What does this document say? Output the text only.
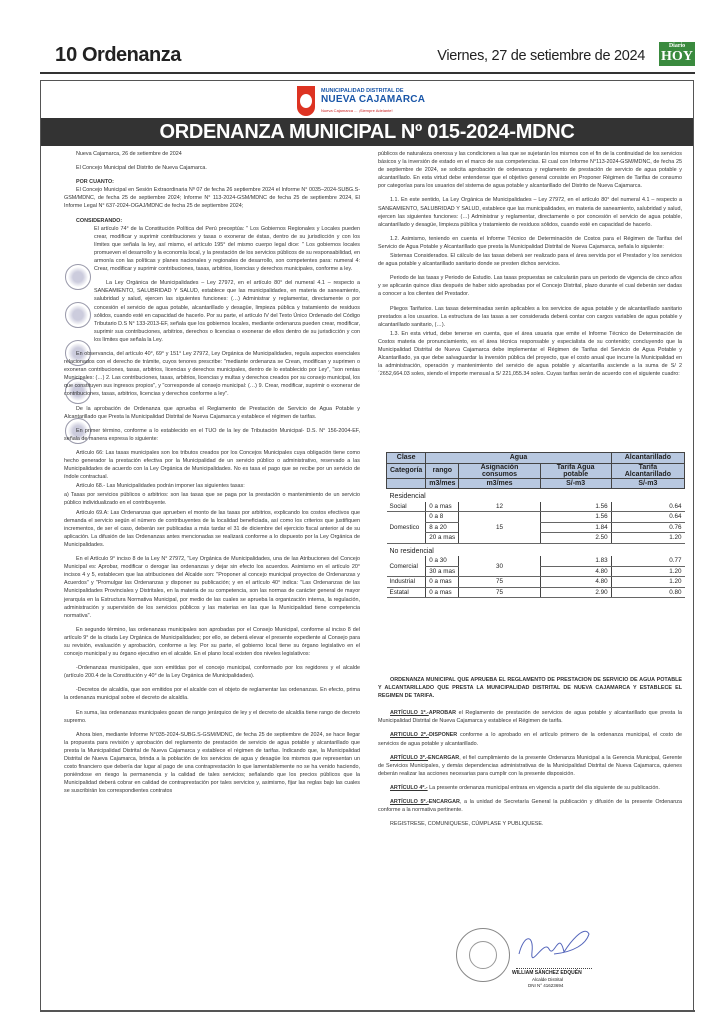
10 Ordenanza	Viernes, 27 de setiembre de 2024
Diario
HOY
MUNICIPALIDAD DISTRITAL DE
NUEVA CAJAMARCA
Nueva Cajamarca ... ¡Siempre Adelante!
ORDENANZA MUNICIPAL Nº 015-2024-MDNC

Nueva Cajamarca, 26 de setiembre de 2024

El Concejo Municipal del Distrito de Nueva Cajamarca.

POR CUANTO:

El Concejo Municipal en Sesión Extraordinaria Nº 07 de fecha 26 septiembre 2024 el Informe N° 0035–2024-SUBG.S-GSM/MDNC, de fecha 25 de septiembre 2024; Informe N° 113-2024-GSM/MDNC de fecha 25 de septiembre 2024, El Informe Legal N° 637-2024-OGAJ/MDNC de fecha 25 de septiembre 2024;

CONSIDERANDO:

El artículo 74° de la Constitución Política del Perú preceptúa: " Los Gobiernos Regionales y Locales pueden crear, modificar y suprimir contribuciones y tasas o exonerar de éstas, dentro de su jurisdicción y con los límites que señala la ley, así mismo, el artículo 195° del mismo cuerpo legal dice: " Los gobiernos locales promueven el desarrollo y la economía local, y la prestación de los servicios públicos de su responsabilidad, en armonía con las políticas y planes nacionales y regionales de desarrollo, son competentes para: numeral 4: Crear, modificar y suprimir contribuciones, tasas, arbitrios, licencias y derechos municipales, conforme a ley.

La Ley Orgánica de Municipalidades – Ley 27972, en el artículo 80° del numeral 4.1 – respecto a SANEAMIENTO, SALUBRIDAD Y SALUD, establece que las municipalidades, en materia de saneamiento, salubridad y salud, ejercen las siguientes funciones: (…) Administrar y reglamentar, directamente o por concesión el servicio de agua potable, alcantarillado y desagüe, limpieza pública y tratamiento de residuos sólidos, cuando esté en capacidad de hacerlo. Por su parte, el artículo IV del Texto Único Ordenado del Código Tributario D.S N° 133-2013-EF, señala que los gobiernos locales, mediante ordenanza pueden crear, modificar, suprimir sus contribuciones, arbitrios, derechos o licencias o exonerar de ellos dentro de su jurisdicción y con los límites que señala la Ley.

En observancia, del artículo 40°, 69° y 151° Ley 27972, Ley Orgánica de Municipalidades, regula aspectos esenciales relacionados con el derecho de trámite, cuyos tenores prescribe: "mediante ordenanza se Crean, modifican y suprimen o exoneran contribuciones, tasas, arbitrios, licencias y derechos municipales, dentro de lo establecido por Ley", "son rentas Municipales: (…) 2. Las contribuciones, tasas, arbitrios, licencias y multas y derechos creados por su consejo municipal, los que constituyen sus ingresos propios", y "corresponde al consejo municipal: (…) 9. Crear, modificar, suprimir o exonerar de contribuciones, tasas, arbitrios, licencias y derechos conforme a ley".

De la aprobación de Ordenanza que aprueba el Reglamento de Prestación de Servicio de Agua Potable y Alcantarillado que Presta la Municipalidad Distrital de Nueva Cajamarca y establece el régimen de tarifas.

En primer término, conforme a lo establecido en el TUO de la ley de Tributación Municipal- D.S. N° 156-2004-EF, señala de manera expresa lo siguiente:

Artículo 66: Las tasas municipales son los tributos creados por los Concejos Municipales cuya obligación tiene como hecho generador la prestación efectiva por la Municipalidad de un servicio público o administrativo, reservado a las Municipalidades de acuerdo con la Ley Orgánica de Municipalidades. No es tasa el pago que se recibe por un servicio de índole contractual.

Artículo 68.- Las Municipalidades podrán imponer las siguientes tasas:

a) Tasas por servicios públicos o arbitrios: son las tasas que se paga por la prestación o mantenimiento de un servicio público individualizado en el contribuyente.

Artículo 69.A: Las Ordenanzas que aprueben el monto de las tasas por arbitrios, explicando los costos efectivos que demanda el servicio según el número de contribuyentes de la localidad beneficiada, así como los criterios que justifiquen incrementos, de ser el caso, deberán ser publicadas a más tardar el 31 de diciembre del ejercicio fiscal anterior al de su aplicación. La difusión de las Ordenanzas antes mencionadas se realizará conforme a lo dispuesto por la Ley Orgánica de Municipalidades.

En el Artículo 9° inciso 8 de la Ley N° 27972, "Ley Orgánica de Municipalidades, una de las Atribuciones del Concejo Municipal es: Aprobar, modificar o derogar las ordenanzas y dejar sin efecto los acuerdos. Asimismo en el artículo 20° incisos 4 y 5, establecen que las atribuciones del Alcalde son: "Proponer al concejo municipal proyectos de Ordenanzas y Acuerdos" y "Promulgar las Ordenanzas y disponer su publicación; y en el artículo 40° indica: "Las Ordenanzas de las Municipalidades Provinciales y Distritales, en la materia de su competencia, son las normas de carácter general de mayor jerarquía en la Estructura Normativa Municipal, por medio de las cuales se aprueba la organización interna, la regulación, administración y supervisión de los servicios públicos y las materias en las que la Municipalidad tiene competencia normativa".

En segundo término, las ordenanzas municipales son aprobadas por el Consejo Municipal, conforme al inciso 8 del artículo 9° de la citada Ley Orgánica de Municipalidades; por ello, se deberá elevar el presente expediente al Consejo para su revisión, evaluación y aprobación, conforme a ley. Por su parte, el gobierno local tiene su órgano legislativo en el concejo municipal y su órgano ejecutivo en el alcalde. En el plano local existen dos niveles legislativos:

-Ordenanzas municipales, que son emitidas por el concejo municipal, conformado por los regidores y el alcalde (artículo 200.4 de la Constitución y 40° de la Ley Orgánica de Municipalidades).

-Decretos de alcaldía, que son emitidos por el alcalde con el objeto de reglamentar las ordenanzas. En efecto, prima la ordenanza municipal sobre el decreto de alcaldía.

En suma, las ordenanzas municipales gozan de rango jerárquico de ley y el decreto de alcaldía tiene rango de decreto supremo.

Ahora bien, mediante Informe N°035-2024-SUBG.S-GSM/MDNC, de fecha 25 de septiembre de 2024, se hace llegar la propuesta para revisión y aprobación del reglamento de prestación de servicio de agua potable y alcantarillado que presta la Municipalidad Distrital de Nueva Cajamarca y establece el régimen de tarifas. Indicando que, la Municipalidad Distrital de Nueva Cajamarca, brinda a la población de los servicios de agua y desagüe los mismos que representan un costo financiero que debería dar lugar al pago de una contraprestación lo que lamentablemente no se ha venido haciendo, poniéndose en riesgo la permanencia y la calidad de tales servicios; señalando que los precios públicos que la Municipalidad deberá cobrar en calidad de contraprestación por tales servicios y, asimismo, fijar las reglas bajo las cuales se suscribirán los correspondientes contratos

públicos de naturaleza onerosa y las condiciones a las que se sujetarán los mismos con el fin de la continuidad de los servicios básicos y la inversión de estado en el marco de sus competencias. El cual con Informe N°113-2024-GSM/MDNC, de fecha 25 de septiembre de 2024, se solicita aprobación de ordenanza y reglamento de prestación de servicio de agua potable y alcantarillado. En esta virtud debe entenderse que el objetivo general consiste en Proponer Régimen de Tarifas de consumo por categorías para los usuarios del sistema de agua potable y alcantarillado del Distrito de Nueva Cajamarca.

1.1. En este sentido, La Ley Orgánica de Municipalidades – Ley 27972, en el artículo 80° del numeral 4.1 – respecto a SANEAMIENTO, SALUBRIDAD Y SALUD, establece que las municipalidades, en materia de saneamiento, salubridad y salud, ejercen las siguientes funciones: (…) Administrar y reglamentar, directamente o por concesión el servicio de agua potable, alcantarillado y desagüe, limpieza pública y tratamiento de residuos sólidos, cuando esté en capacidad de hacerlo.

1.2. Asimismo, teniendo en cuenta el Informe Técnico de Determinación de Costos para el Régimen de Tarifas del Servicio de Agua Potable y Alcantarillado que presta la Municipalidad Distrital de Nueva Cajamarca, señala lo siguiente:

Sistemas Considerados. El cálculo de las tasas deberá ser realizado para el área servida por el Prestador y los servicios de agua potable y alcantarillado sanitario donde se presten dichos servicios.

Periodo de las tasas y Periodo de Estudio. Las tasas propuestas se calcularán para un periodo de vigencia de cinco años y se aplicarán quince días después de haber sido aprobadas por el Concejo Distrital, plazo durante el cual deberán ser dadas a conocer a los clientes del Prestador.

Pliegos Tarifarios. Las tasas determinadas serán aplicables a los servicios de agua potable y de alcantarillado sanitario prestados a los usuarios. La estructura de las tasas a ser considerada deberá contar con cargos variables de agua potable y alcantarillado sanitario, (…).

1.3. En esta virtud, debe tenerse en cuenta, que el área usuaria que emite el Informe Técnico de Determinación de Costos materia de pronunciamiento, es el área técnica responsable y especialista de su contenido; concluyendo que la Municipalidad Distrital de Nueva Cajamarca debe implementar el Régimen de Tarifas del Servicio de Agua Potable y Alcantarillado, ya que debe salvaguardar la inversión pública del proyecto, que el costo anual que incurre la Municipalidad en la administración, operación y mantenimiento del servicio de agua potable y alcantarilla asciende a la suma de S/ 2´2652,664.03 soles, siendo el importe mensual a S/ 221,055.34 soles. Cuyas tarifas serán de acuerdo con el siguiente cuadro:

Clase	Agua			Alcantarillado
Categoría	rango	Asignación consumos	Tarifa Agua potable	Tarifa Alcantarillado
	m3/mes	m3/mes	S/-m3	S/-m3
Residencial				
Social	0 a mas	12	1.56	0.64
Domestico	0 a 8	15	1.56	0.64
	8 a 20		1.84	0.76
	20 a mas		2.50	1.20
No residencial				
Comercial	0 a 30	30	1.83	0.77
	30 a mas		4.80	1.20
Industrial	0 a mas	75	4.80	1.20
Estatal	0 a mas	75	2.90	0.80

ORDENANZA MUNICIPAL QUE APRUEBA EL REGLAMENTO DE PRESTACION DE SERVICIO DE AGUA POTABLE Y ALCANTARILLADO QUE PRESTA LA MUNICIPALIDAD DISTRITAL DE NUEVA CAJAMARCA Y ESTABLECE EL REGIMEN DE TARIFA.

ARTÍCULO 1º.-APROBAR el Reglamento de prestación de servicios de agua potable y alcantarillado que presta la Municipalidad Distrital de Nueva Cajamarca y establece el Régimen de tarifa.

ARTICULO 2º.-DISPONER conforme a lo aprobado en el artículo primero de la ordenanza municipal, el costo de servicios de agua potable y alcantarillado.

ARTÍCULO 3º.-ENCARGAR, el fiel cumplimiento de la presente Ordenanza Municipal a la Gerencia Municipal, Gerente de Servicios Municipales, y demás dependencias administrativas de la Municipalidad Distrital de Nueva Cajamarca, quienes deberán realizar las acciones necesarias para cumplir con la presente disposición.

ARTÍCULO 4º.- La presente ordenanza municipal entrara en vigencia a partir del día siguiente de su publicación.

ARTÍCULO 5º.-ENCARGAR, a la unidad de Secretaría General la publicación y difusión de la presente Ordenanza conforme a la normativa pertinente.

REGISTRESE, COMUNIQUESE, CÚMPLASE Y PUBLIQUESE.

WILLIAM SÁNCHEZ EDQUÉN
Alcalde Distrital
DNI N° 41623694
